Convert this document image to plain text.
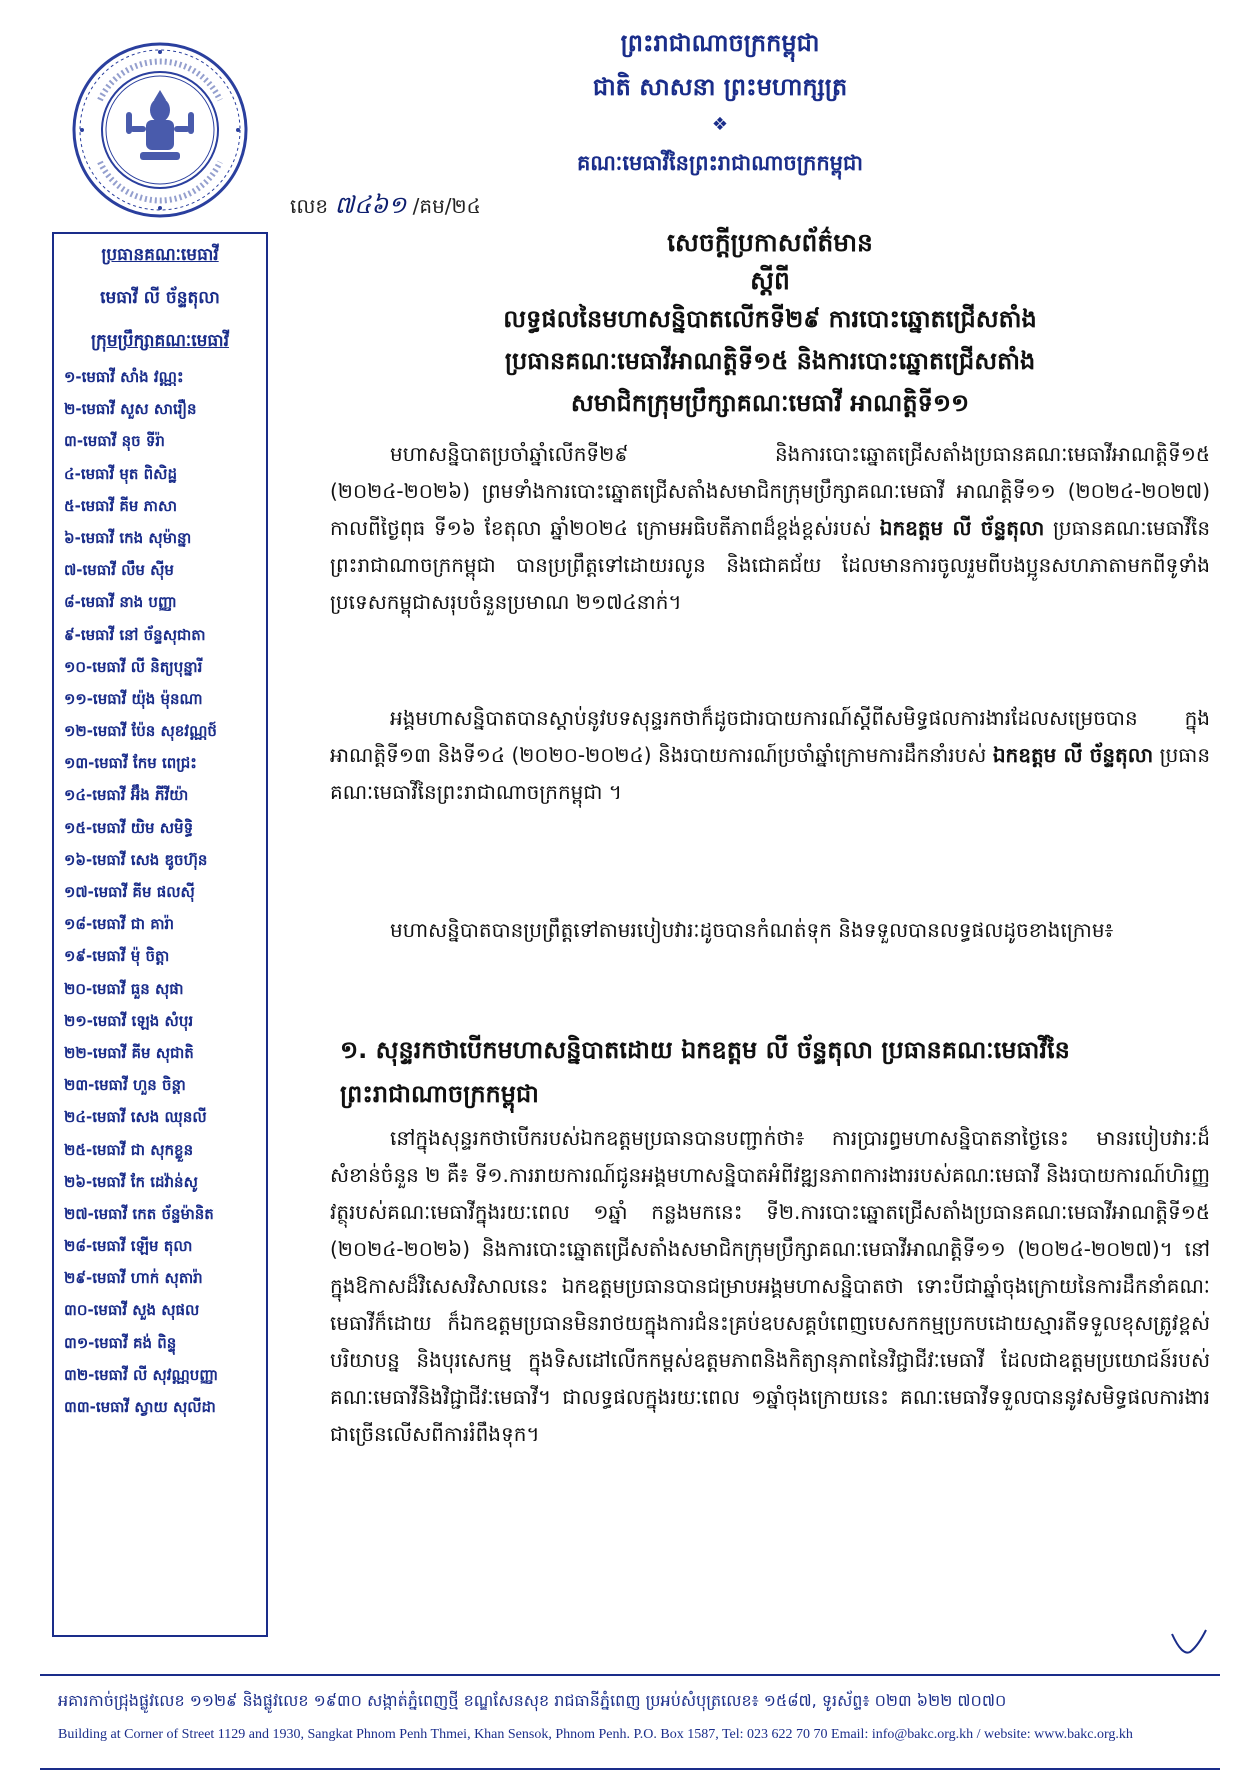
ព្រះរាជាណាចក្រកម្ពុជា
ជាតិ សាសនា ព្រះមហាក្សត្រ
❖
គណៈមេធាវីនៃព្រះរាជាណាចក្រកម្ពុជា
លេខ ៧៤៦១ /គម/២៤
ប្រធានគណៈមេធាវី
មេធាវី លី ច័ន្ទតុលា
ក្រុមប្រឹក្សាគណៈមេធាវី
១-មេធាវី សាំង វណ្ណះ
២-មេធាវី សួស សារឿន
៣-មេធាវី នុច ទីរ៉ា
៤-មេធាវី មុត ពិសិដ្ឋ
៥-មេធាវី គីម ភាសា
៦-មេធាវី កេង សុម៉ាន្នា
៧-មេធាវី លឹម ស៊ីម
៨-មេធាវី នាង បញ្ញា
៩-មេធាវី នៅ ច័ន្ទសុជាតា
១០-មេធាវី លី និត្យបុន្នារី
១១-មេធាវី យ៉ុង ម៉ុនណា
១២-មេធាវី ប៉ែន សុខវណ្ណថ៍
១៣-មេធាវី កែម ពេជ្រះ
១៤-មេធាវី អ៊ឹង ភីវីយ៉ា
១៥-មេធាវី យិម សមិទ្ធិ
១៦-មេធាវី សេង ឌូចហ៊ុន
១៧-មេធាវី គីម ផលស៊ី
១៨-មេធាវី ជា គារ៉ា
១៩-មេធាវី ម៉ុ ចិត្តា
២០-មេធាវី ធួន សុផា
២១-មេធាវី ឡេង សំបុរ
២២-មេធាវី គីម សុជាតិ
២៣-មេធាវី ហួន ចិន្តា
២៤-មេធាវី សេង ឈុនលី
២៥-មេធាវី ជា សុកខ្លួន
២៦-មេធាវី កែ ដេវ៉ាន់សូ
២៧-មេធាវី កេត ច័ន្ទម៉ានិត
២៨-មេធាវី ឡើម តុលា
២៩-មេធាវី ហាក់ សុតារ៉ា
៣០-មេធាវី សួង សុផល
៣១-មេធាវី គង់ ពិន្ទុ
៣២-មេធាវី លី សុវណ្ណបញ្ញា
៣៣-មេធាវី ស្វាយ សុលីដា
សេចក្តីប្រកាសព័ត៌មាន
ស្តីពី
លទ្ធផលនៃមហាសន្និបាតលើកទី២៩ ការបោះឆ្នោតជ្រើសតាំង
ប្រធានគណៈមេធាវីអាណត្តិទី១៥ និងការបោះឆ្នោតជ្រើសតាំង
សមាជិកក្រុមប្រឹក្សាគណៈមេធាវី អាណត្តិទី១១

មហាសន្និបាតប្រចាំឆ្នាំលើកទី២៩ និងការបោះឆ្នោតជ្រើសតាំងប្រធានគណៈមេធាវីអាណត្តិទី១៥ (២០២៤-២០២៦) ព្រមទាំងការបោះឆ្នោតជ្រើសតាំងសមាជិកក្រុមប្រឹក្សាគណៈមេធាវី អាណត្តិទី១១ (២០២៤-២០២៧) កាលពីថ្ងៃពុធ ទី១៦ ខែតុលា ឆ្នាំ២០២៤ ក្រោមអធិបតីភាពដ៏ខ្ពង់ខ្ពស់របស់ ឯកឧត្តម លី ច័ន្ទតុលា ប្រធានគណៈមេធាវីនៃព្រះរាជាណាចក្រកម្ពុជា បានប្រព្រឹត្តទៅដោយរលូន និងជោគជ័យ ដែលមានការចូលរួមពីបងប្អូនសហភាតាមកពីទូទាំងប្រទេសកម្ពុជាសរុបចំនួនប្រមាណ ២១៧៤នាក់។

អង្គមហាសន្និបាតបានស្តាប់នូវបទសុន្ទរកថាក៏ដូចជារបាយការណ៍ស្តីពីសមិទ្ធផលការងារដែលសម្រេចបាន ក្នុងអាណត្តិទី១៣ និងទី១៤ (២០២០-២០២៤) និងរបាយការណ៍ប្រចាំឆ្នាំក្រោមការដឹកនាំរបស់ ឯកឧត្តម លី ច័ន្ទតុលា ប្រធានគណៈមេធាវីនៃព្រះរាជាណាចក្រកម្ពុជា ។

មហាសន្និបាតបានប្រព្រឹត្តទៅតាមរបៀបវារៈដូចបានកំណត់ទុក និងទទួលបានលទ្ធផលដូចខាងក្រោម៖

១. សុន្ទរកថាបើកមហាសន្និបាតដោយ ឯកឧត្តម លី ច័ន្ទតុលា ប្រធានគណៈមេធាវីនៃព្រះរាជាណាចក្រកម្ពុជា

នៅក្នុងសុន្ទរកថាបើករបស់ឯកឧត្តមប្រធានបានបញ្ជាក់ថា៖ ការប្រារព្ធមហាសន្និបាតនាថ្ងៃនេះ មានរបៀបវារៈដ៏សំខាន់ចំនួន ២ គឺ៖ ទី១.ការរាយការណ៍ជូនអង្គមហាសន្និបាតអំពីវឌ្ឍនភាពការងាររបស់គណៈមេធាវី និងរបាយការណ៍ហិរញ្ញវត្ថុរបស់គណៈមេធាវីក្នុងរយៈពេល ១ឆ្នាំ កន្លងមកនេះ ទី២.ការបោះឆ្នោតជ្រើសតាំងប្រធានគណៈមេធាវីអាណត្តិទី១៥ (២០២៤-២០២៦) និងការបោះឆ្នោតជ្រើសតាំងសមាជិកក្រុមប្រឹក្សាគណៈមេធាវីអាណត្តិទី១១ (២០២៤-២០២៧)។ នៅក្នុងឱកាសដ៏វិសេសវិសាលនេះ ឯកឧត្តមប្រធានបានជម្រាបអង្គមហាសន្និបាតថា ទោះបីជាឆ្នាំចុងក្រោយនៃការដឹកនាំគណៈមេធាវីក៏ដោយ ក៏ឯកឧត្តមប្រធានមិនរាថយក្នុងការជំនះគ្រប់ឧបសគ្គបំពេញបេសកកម្មប្រកបដោយស្មារតីទទួលខុសត្រូវខ្ពស់ បរិយាបន្ន និងបុរសេកម្ម ក្នុងទិសដៅលើកកម្ពស់ឧត្តមភាពនិងកិត្យានុភាពនៃវិជ្ជាជីវៈមេធាវី ដែលជាឧត្តមប្រយោជន៍របស់គណៈមេធាវីនិងវិជ្ជាជីវៈមេធាវី។ ជាលទ្ធផលក្នុងរយៈពេល ១ឆ្នាំចុងក្រោយនេះ គណៈមេធាវីទទួលបាននូវសមិទ្ធផលការងារជាច្រើនលើសពីការរំពឹងទុក។

អគារកាច់ជ្រុងផ្លូវលេខ ១១២៩ និងផ្លូវលេខ ១៩៣០ សង្កាត់ភ្នំពេញថ្មី ខណ្ឌសែនសុខ រាជធានីភ្នំពេញ ប្រអប់សំបុត្រលេខ៖ ១៥៨៧, ទូរស័ព្ទ៖ ០២៣ ៦២២ ៧០៧០
Building at Corner of Street 1129 and 1930, Sangkat Phnom Penh Thmei, Khan Sensok, Phnom Penh. P.O. Box 1587, Tel: 023 622 70 70 Email: info@bakc.org.kh / website: www.bakc.org.kh
